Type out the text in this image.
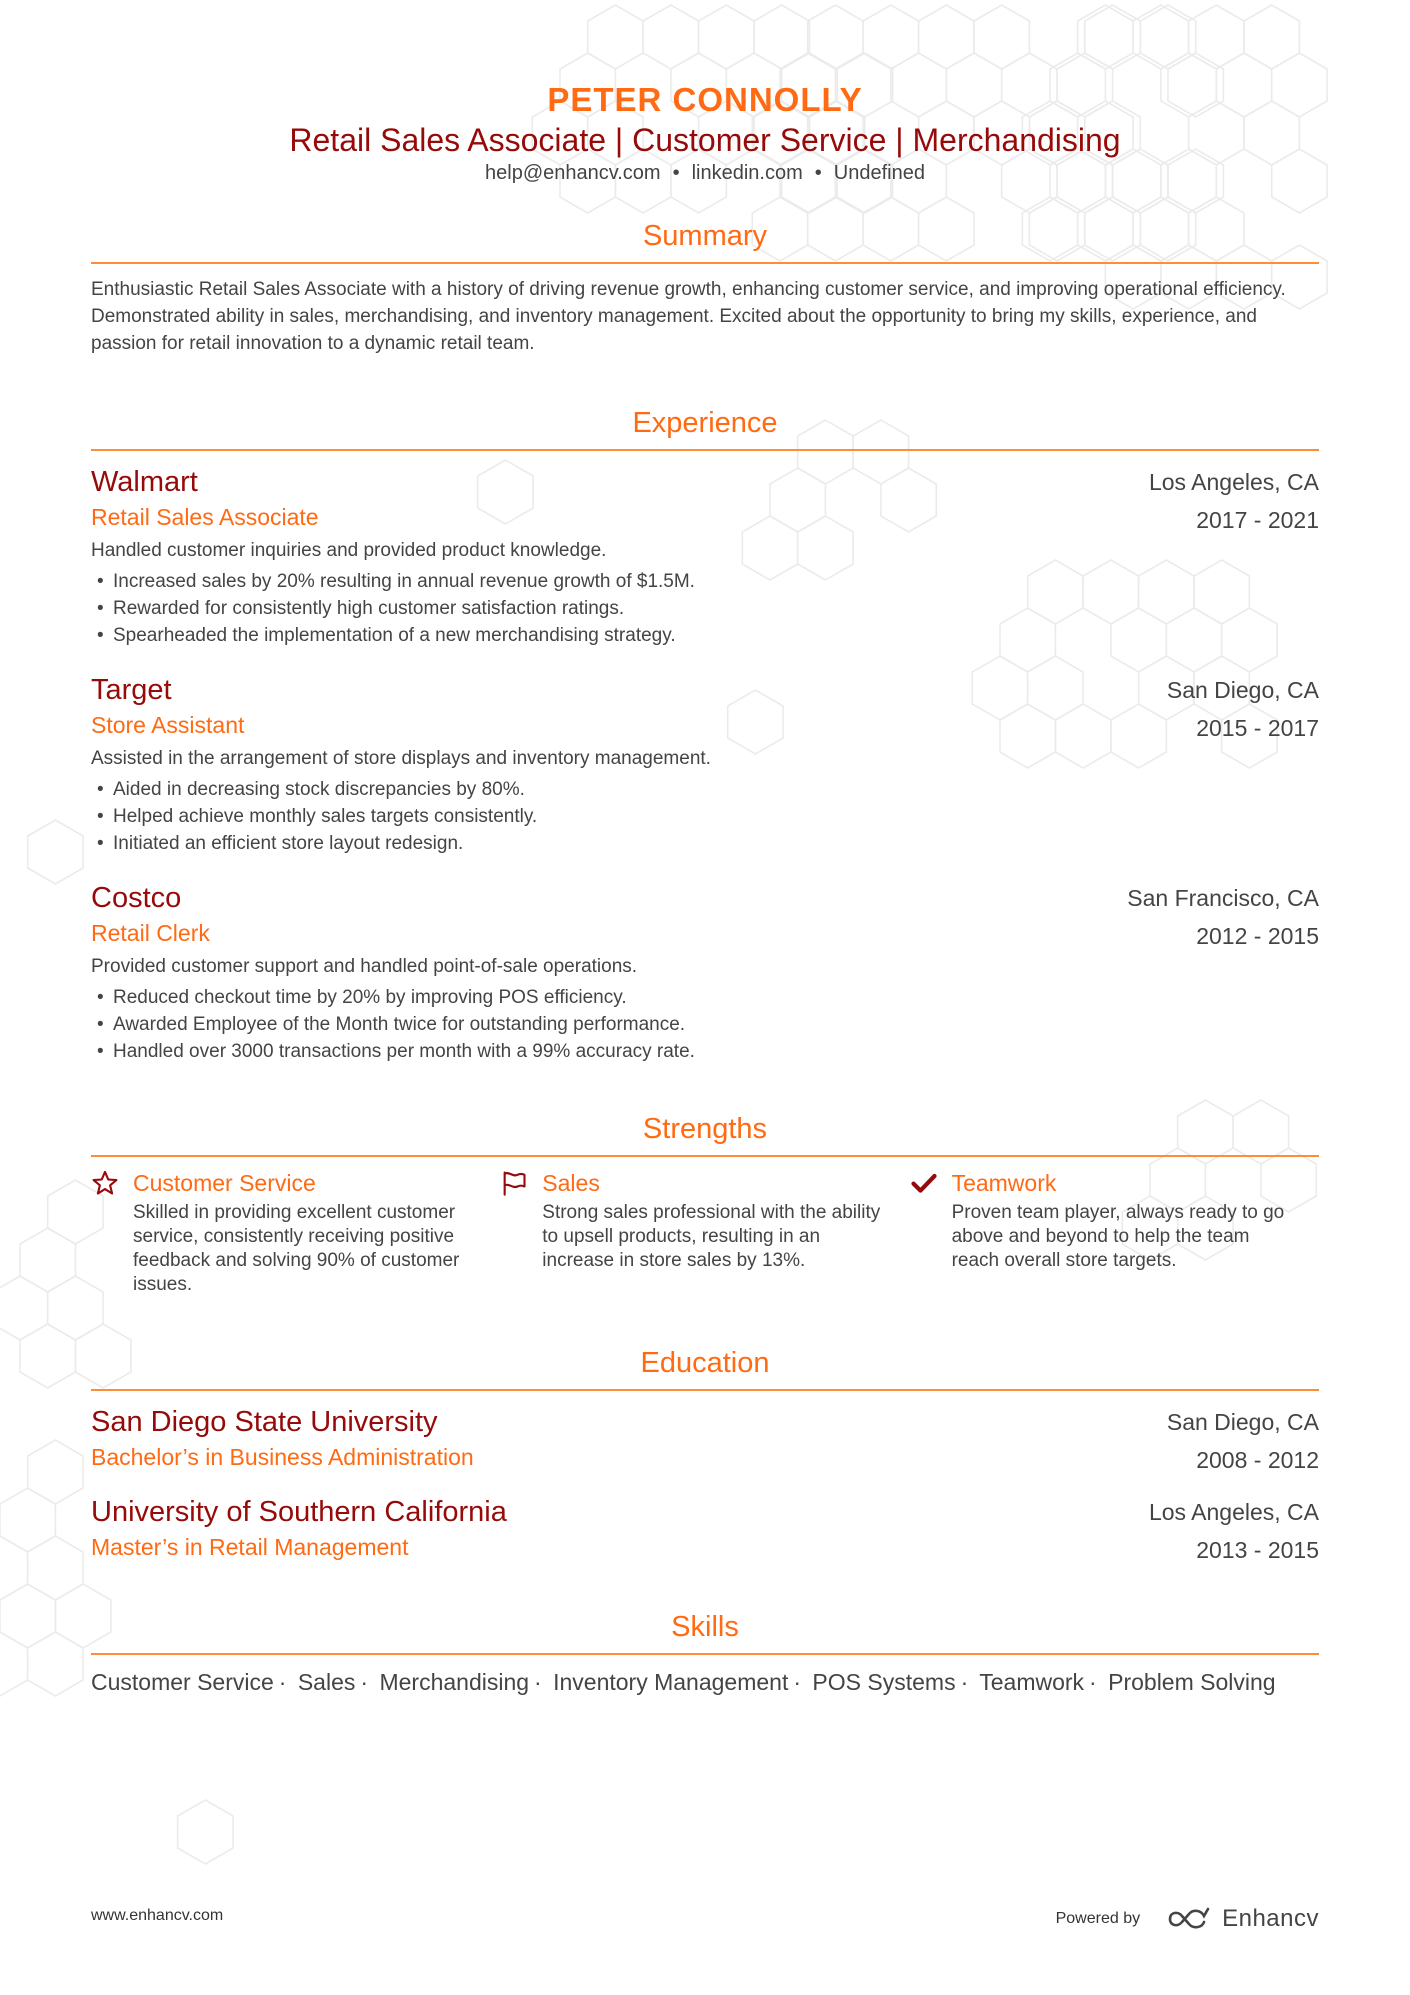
PETER CONNOLLY
Retail Sales Associate | Customer Service | Merchandising
help@enhancv.com • linkedin.com • Undefined
Summary
Enthusiastic Retail Sales Associate with a history of driving revenue growth, enhancing customer service, and improving operational efficiency. Demonstrated ability in sales, merchandising, and inventory management. Excited about the opportunity to bring my skills, experience, and passion for retail innovation to a dynamic retail team.
Experience
Walmart
Retail Sales Associate
Los Angeles, CA
2017 - 2021
Handled customer inquiries and provided product knowledge.
• Increased sales by 20% resulting in annual revenue growth of $1.5M.
• Rewarded for consistently high customer satisfaction ratings.
• Spearheaded the implementation of a new merchandising strategy.
Target
Store Assistant
San Diego, CA
2015 - 2017
Assisted in the arrangement of store displays and inventory management.
• Aided in decreasing stock discrepancies by 80%.
• Helped achieve monthly sales targets consistently.
• Initiated an efficient store layout redesign.
Costco
Retail Clerk
San Francisco, CA
2012 - 2015
Provided customer support and handled point-of-sale operations.
• Reduced checkout time by 20% by improving POS efficiency.
• Awarded Employee of the Month twice for outstanding performance.
• Handled over 3000 transactions per month with a 99% accuracy rate.
Strengths
Customer Service
Skilled in providing excellent customer service, consistently receiving positive feedback and solving 90% of customer issues.
Sales
Strong sales professional with the ability to upsell products, resulting in an increase in store sales by 13%.
Teamwork
Proven team player, always ready to go above and beyond to help the team reach overall store targets.
Education
San Diego State University
Bachelor’s in Business Administration
San Diego, CA
2008 - 2012
University of Southern California
Master’s in Retail Management
Los Angeles, CA
2013 - 2015
Skills
Customer Service · Sales · Merchandising · Inventory Management · POS Systems · Teamwork · Problem Solving
www.enhancv.com	Powered by	Enhancv
